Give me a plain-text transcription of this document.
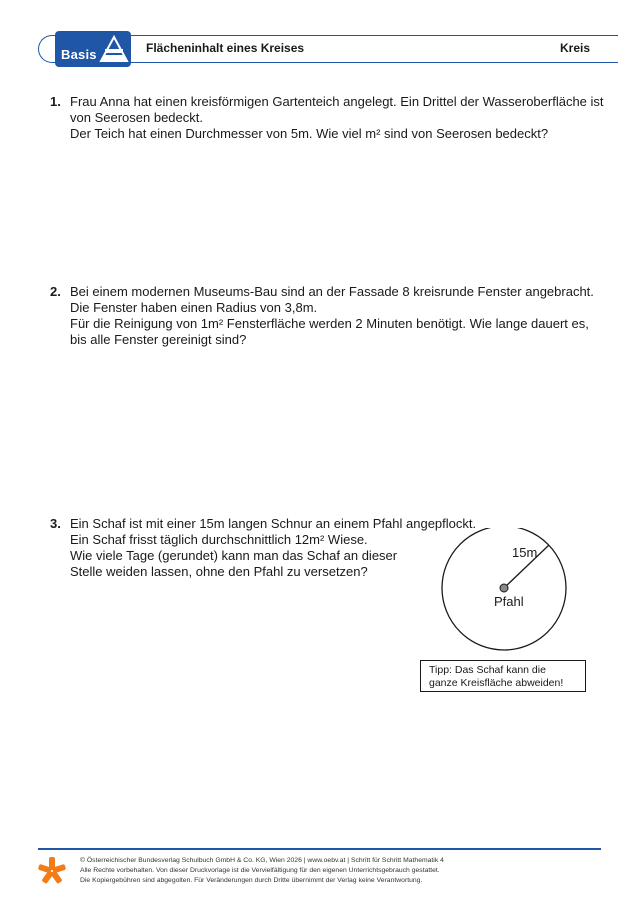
Basis	Flächeninhalt eines Kreises	Kreis
1. Frau Anna hat einen kreisförmigen Gartenteich angelegt. Ein Drittel der Wasseroberfläche ist
von Seerosen bedeckt.
Der Teich hat einen Durchmesser von 5m. Wie viel m² sind von Seerosen bedeckt?
2. Bei einem modernen Museums-Bau sind an der Fassade 8 kreisrunde Fenster angebracht.
Die Fenster haben einen Radius von 3,8m.
Für die Reinigung von 1m² Fensterfläche werden 2 Minuten benötigt. Wie lange dauert es,
bis alle Fenster gereinigt sind?
3. Ein Schaf ist mit einer 15m langen Schnur an einem Pfahl angepflockt.
Ein Schaf frisst täglich durchschnittlich 12m² Wiese.
Wie viele Tage (gerundet) kann man das Schaf an dieser
Stelle weiden lassen, ohne den Pfahl zu versetzen?
15m
Pfahl
Tipp: Das Schaf kann die
ganze Kreisfläche abweiden!
© Österreichischer Bundesverlag Schulbuch GmbH & Co. KG, Wien 2026 | www.oebv.at | Schritt für Schritt Mathematik 4
Alle Rechte vorbehalten. Von dieser Druckvorlage ist die Vervielfältigung für den eigenen Unterrichtsgebrauch gestattet.
Die Kopiergebühren sind abgegolten. Für Veränderungen durch Dritte übernimmt der Verlag keine Verantwortung.
